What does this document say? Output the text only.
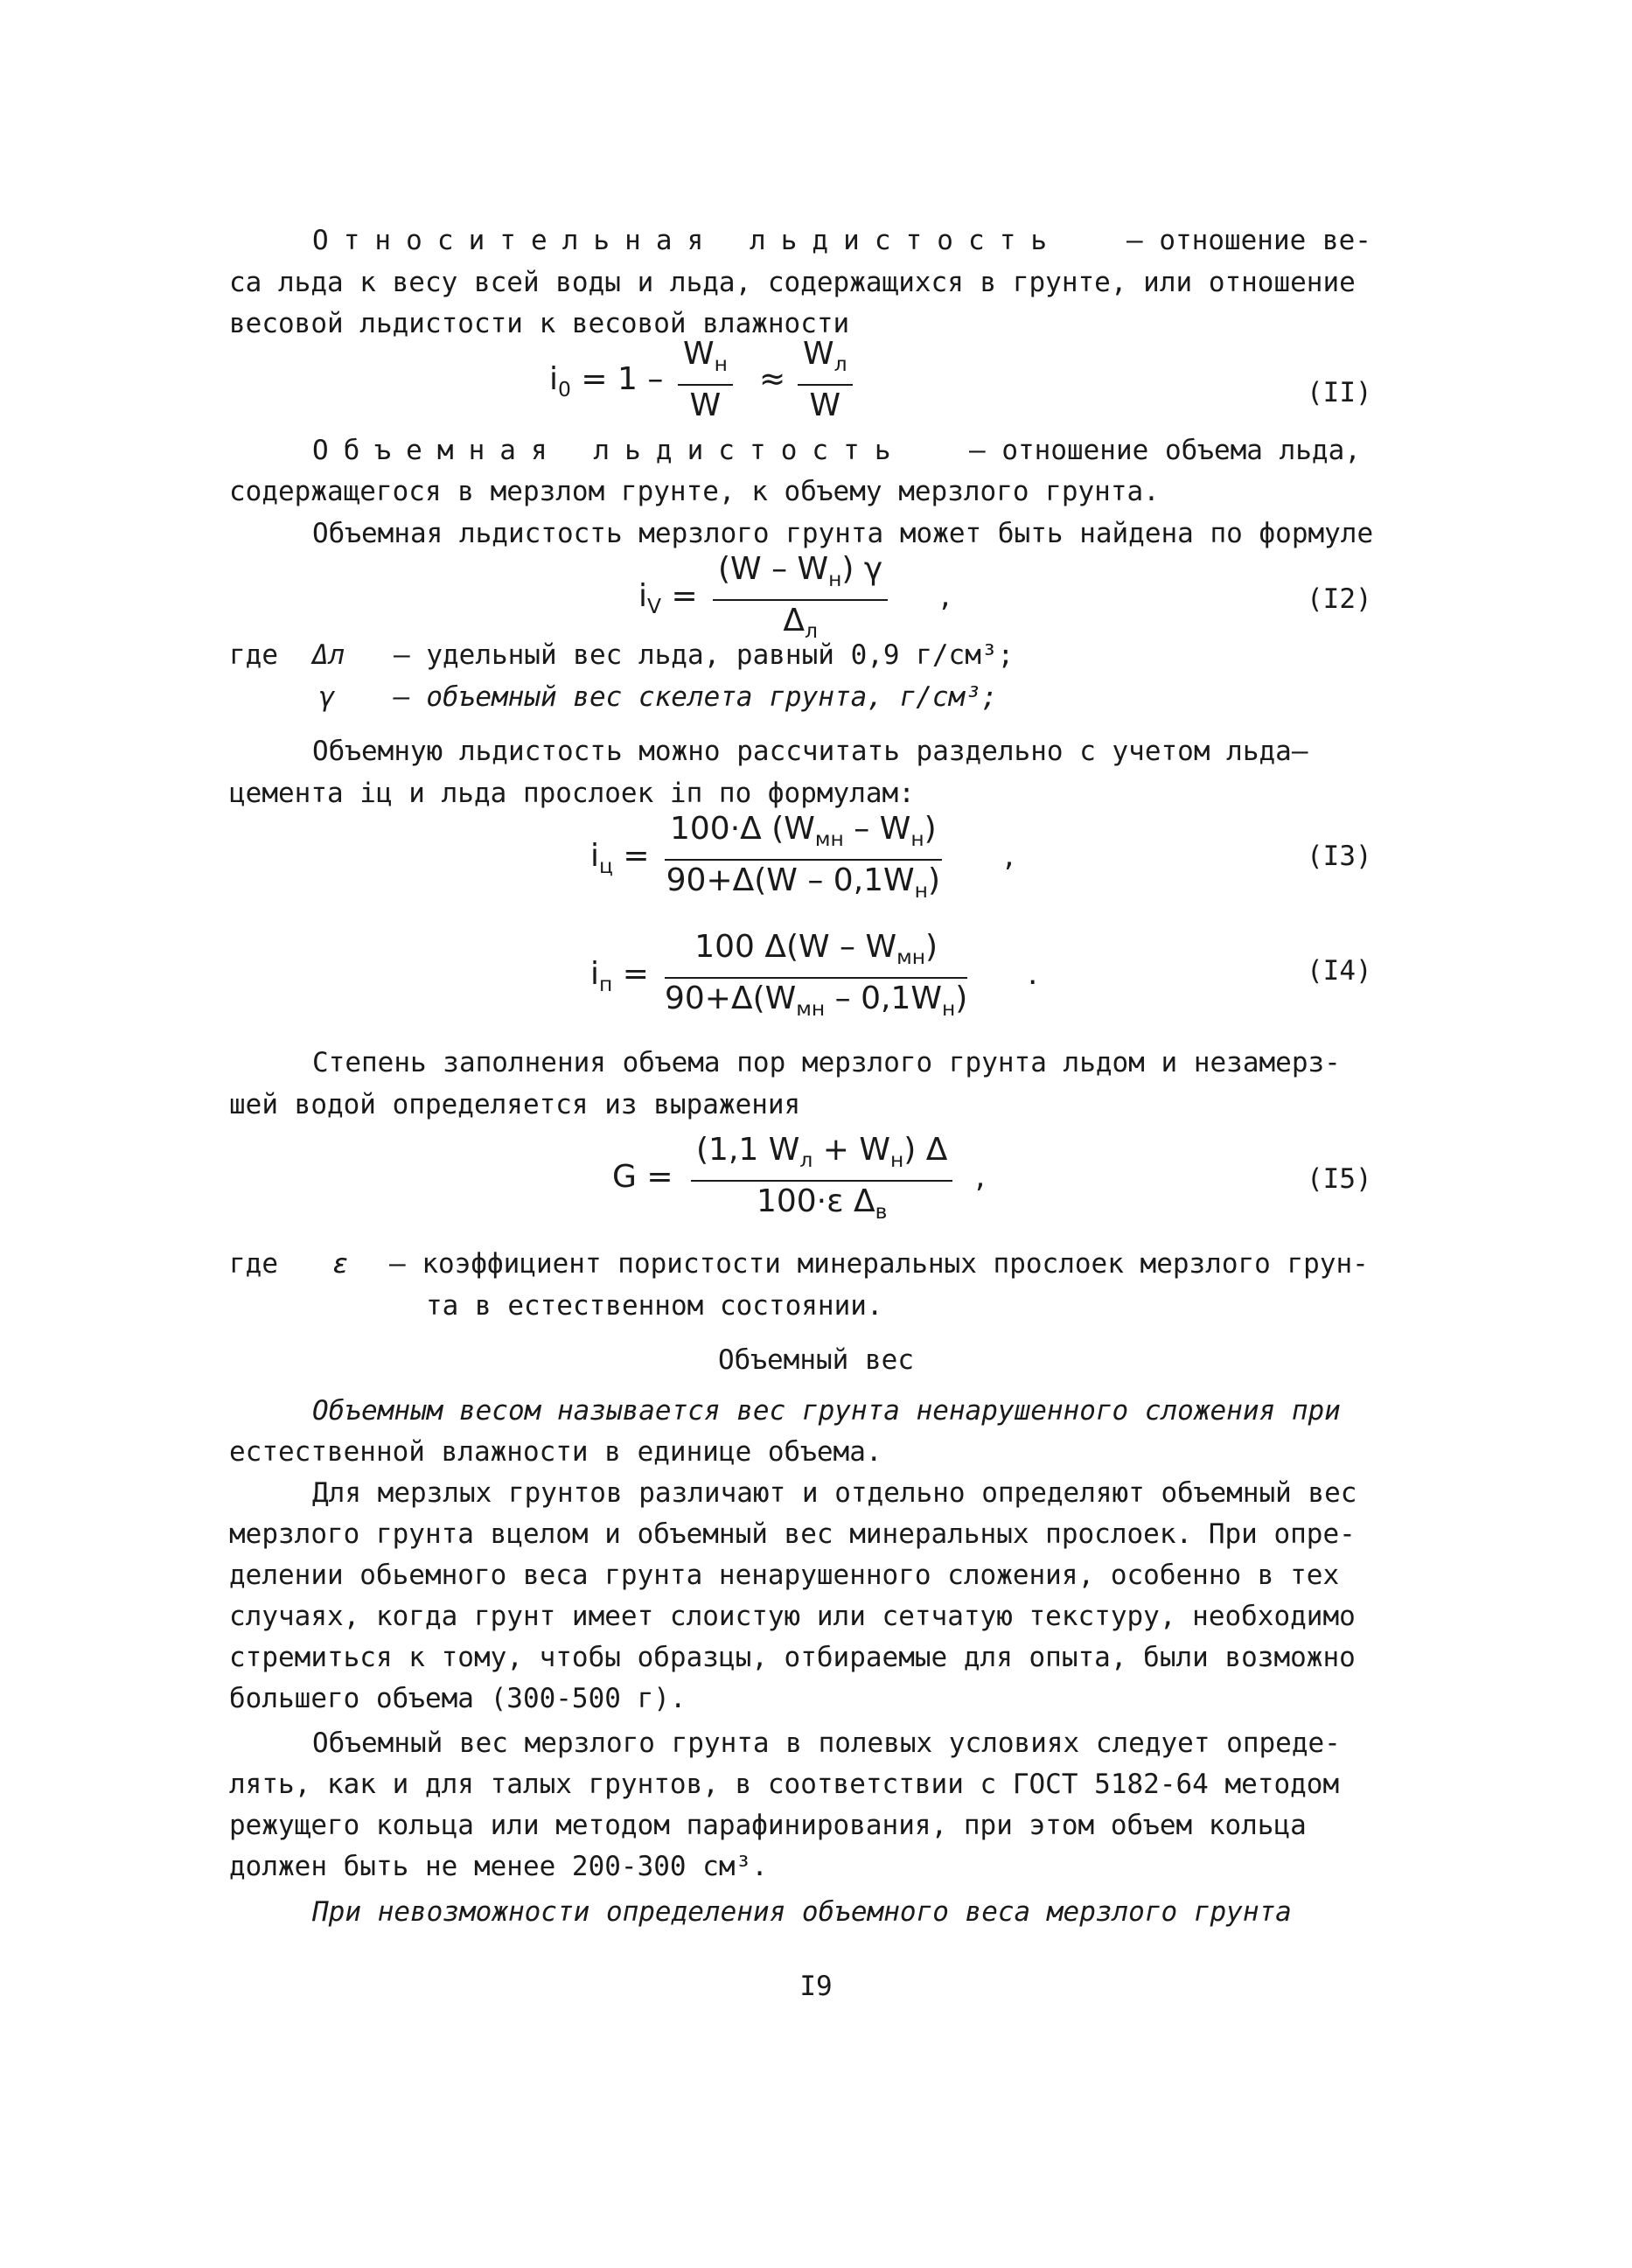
Относительная льдистость – отношение ве-
са льда к весу всей воды и льда, содержащихся в грунте, или отношение
весовой льдистости к весовой влажности
$i_0 = 1$ –
$W_н$
W
≈
$W_л$
W	(II)
Объемная льдистость – отношение объема льда,
содержащегося в мерзлом грунте, к объему мерзлого грунта.
Объемная льдистость мерзлого грунта может быть найдена по формуле
$i_V$ =
$(W - W_н)$ γ
$\Delta_л$
,	(I2)
где Δл – удельный вес льда, равный 0,9 г/см³;
γ – объемный вес скелета грунта, г/см³;
Объемную льдистость можно рассчитать раздельно с учетом льда–
цемента iц и льда прослоек iп по формулам:
$i_ц$ =
100·Δ $(W_{мн} - W_н)$
$90+\Delta(W - 0,1W_н)$
,	(I3)
$i_п$ =
100 $\Delta(W - W_{мн})$
$90+\Delta(W_{мн} - 0,1W_н)$
.	(I4)
Степень заполнения объема пор мерзлого грунта льдом и незамерз-
шей водой определяется из выражения
G =
(1,1 $W_л + W_н$) Δ
100·ε $\Delta_в$
,	(I5)
где ε – коэффициент пористости минеральных прослоек мерзлого грун-
та в естественном состоянии.
Объемный вес
Объемным весом называется вес грунта ненарушенного сложения при
естественной влажности в единице объема.
Для мерзлых грунтов различают и отдельно определяют объемный вес
мерзлого грунта вцелом и объемный вес минеральных прослоек. При опре-
делении обьемного веса грунта ненарушенного сложения, особенно в тех
случаях, когда грунт имеет слоистую или сетчатую текстуру, необходимо
стремиться к тому, чтобы образцы, отбираемые для опыта, были возможно
большего объема (300-500 г).
Объемный вес мерзлого грунта в полевых условиях следует опреде-
лять, как и для талых грунтов, в соответствии с ГОСТ 5182-64 методом
режущего кольца или методом парафинирования, при этом объем кольца
должен быть не менее 200-300 см³.
При невозможности определения объемного веса мерзлого грунта
I9
